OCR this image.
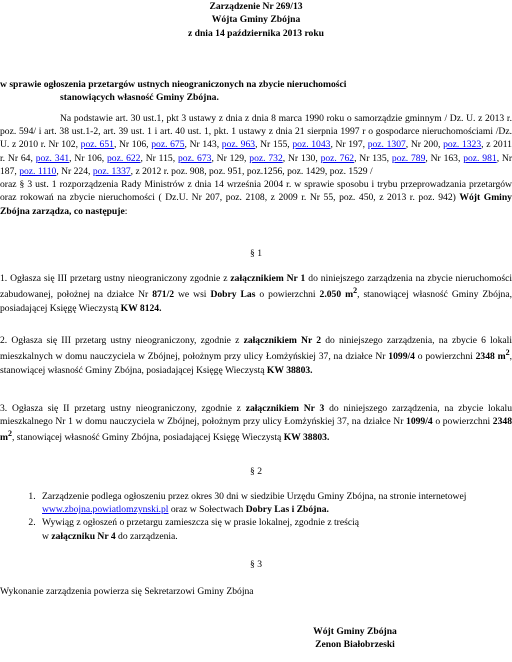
Zarządzenie Nr 269/13
Wójta Gminy Zbójna
z dnia 14 października 2013 roku
w sprawie ogłoszenia przetargów ustnych nieograniczonych na zbycie nieruchomości
stanowiących własność Gminy Zbójna.
Na podstawie art. 30 ust.1, pkt 3 ustawy z dnia z dnia 8 marca 1990 roku o samorządzie gminnym / Dz. U. z 2013 r. poz. 594/ i art. 38 ust.1-2, art. 39 ust. 1 i art. 40 ust. 1, pkt. 1 ustawy z dnia 21 sierpnia 1997 r o gospodarce nieruchomościami /Dz. U. z 2010 r. Nr 102, poz. 651, Nr 106, poz. 675, Nr 143, poz. 963, Nr 155, poz. 1043, Nr 197, poz. 1307, Nr 200, poz. 1323, z 2011 r. Nr 64, poz. 341, Nr 106, poz. 622, Nr 115, poz. 673, Nr 129, poz. 732, Nr 130, poz. 762, Nr 135, poz. 789, Nr 163, poz. 981, Nr 187, poz. 1110, Nr 224, poz. 1337, z 2012 r. poz. 908, poz. 951, poz.1256, poz. 1429, poz. 1529 /
oraz § 3 ust. 1 rozporządzenia Rady Ministrów z dnia 14 września 2004 r. w sprawie sposobu i trybu przeprowadzania przetargów oraz rokowań na zbycie nieruchomości ( Dz.U. Nr 207, poz. 2108, z 2009 r. Nr 55, poz. 450, z 2013 r. poz. 942) Wójt Gminy Zbójna zarządza, co następuje:
§ 1
1. Ogłasza się III przetarg ustny nieograniczony zgodnie z załącznikiem Nr 1 do niniejszego zarządzenia na zbycie nieruchomości zabudowanej, położnej na działce Nr 871/2 we wsi Dobry Las o powierzchni 2.050 $m^2$, stanowiącej własność Gminy Zbójna, posiadającej Księgę Wieczystą KW 8124.
2. Ogłasza się III przetarg ustny nieograniczony, zgodnie z załącznikiem Nr 2 do niniejszego zarządzenia, na zbycie 6 lokali mieszkalnych w domu nauczyciela w Zbójnej, położnym przy ulicy Łomżyńskiej 37, na działce Nr 1099/4 o powierzchni 2348 $m^2$, stanowiącej własność Gminy Zbójna, posiadającej Księgę Wieczystą KW 38803.
3. Ogłasza się II przetarg ustny nieograniczony, zgodnie z załącznikiem Nr 3 do niniejszego zarządzenia, na zbycie lokalu mieszkalnego Nr 1 w domu nauczyciela w Zbójnej, położnym przy ulicy Łomżyńskiej 37, na działce Nr 1099/4 o powierzchni 2348 $m^2$, stanowiącej własność Gminy Zbójna, posiadającej Księgę Wieczystą KW 38803.
§ 2
1. Zarządzenie podlega ogłoszeniu przez okres 30 dni w siedzibie Urzędu Gminy Zbójna, na stronie internetowej www.zbojna.powiatlomzynski.pl oraz w Sołectwach Dobry Las i Zbójna.
2. Wywiąg z ogłoszeń o przetargu zamieszcza się w prasie lokalnej, zgodnie z treścią
w załączniku Nr 4 do zarządzenia.
§ 3
Wykonanie zarządzenia powierza się Sekretarzowi Gminy Zbójna
Wójt Gminy Zbójna
Zenon Białobrzeski
